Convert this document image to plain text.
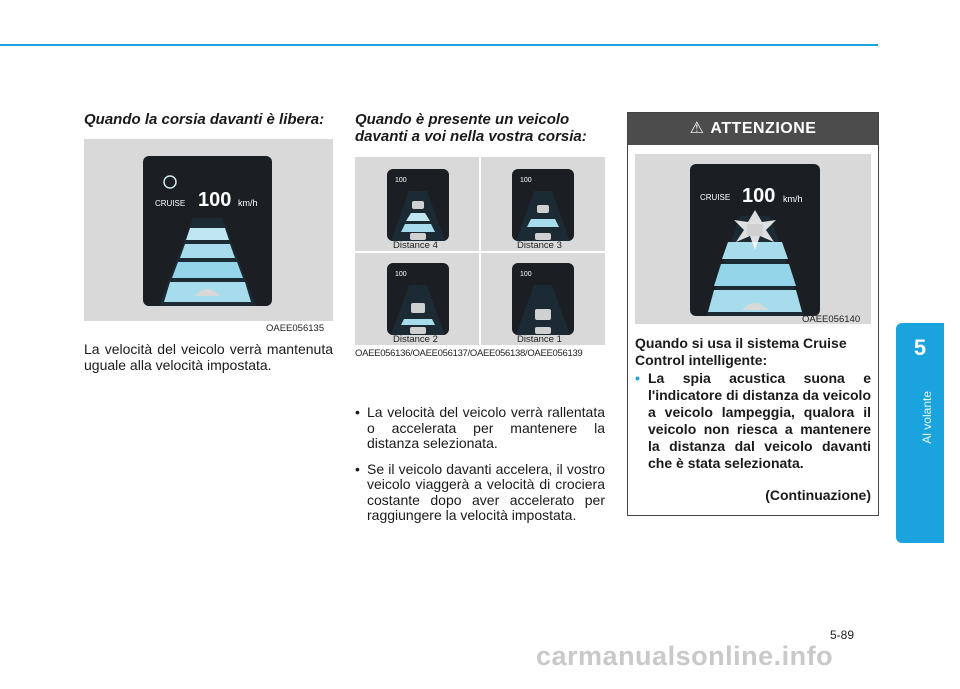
Quando la corsia davanti è libera:
CRUISE 100 km/h
OAEE056135
La velocità del veicolo verrà mantenuta uguale alla velocità impostata.
Quando è presente un veicolo davanti a voi nella vostra corsia:
100
Distance 4
100
Distance 3
100
Distance 2
100
Distance 1
OAEE056136/OAEE056137/OAEE056138/OAEE056139
• La velocità del veicolo verrà rallentata o accelerata per mantenere la distanza selezionata.
• Se il veicolo davanti accelera, il vostro veicolo viaggerà a velocità di crociera costante dopo aver accelerato per raggiungere la velocità impostata.
⚠ ATTENZIONE
CRUISE 100 km/h
OAEE056140
Quando si usa il sistema Cruise Control intelligente:
• La spia acustica suona e l'indicatore di distanza da veicolo a veicolo lampeggia, qualora il veicolo non riesca a mantenere la distanza dal veicolo davanti che è stata selezionata.
(Continuazione)
5
Al volante
5-89
carmanualsonline.info
